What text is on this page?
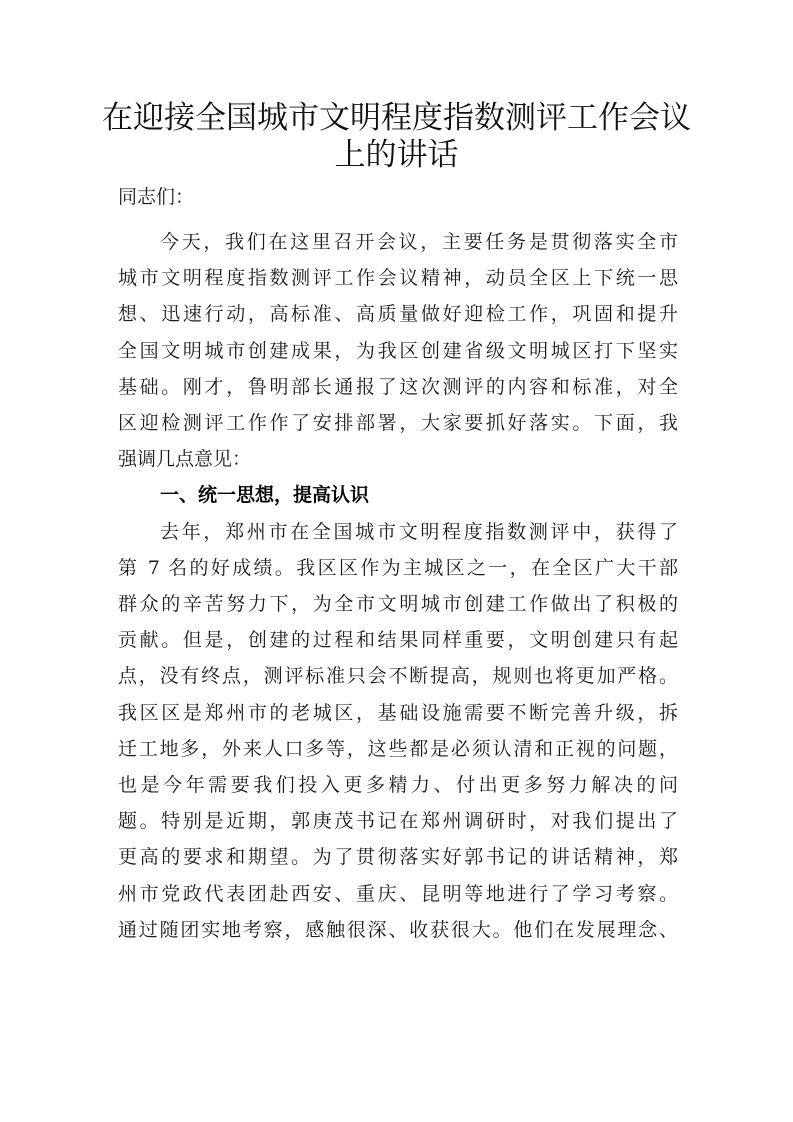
在迎接全国城市文明程度指数测评工作会议
上的讲话
同志们：
今天，我们在这里召开会议，主要任务是贯彻落实全市
城市文明程度指数测评工作会议精神，动员全区上下统一思
想、迅速行动，高标准、高质量做好迎检工作，巩固和提升
全国文明城市创建成果，为我区创建省级文明城区打下坚实
基础。刚才，鲁明部长通报了这次测评的内容和标准，对全
区迎检测评工作作了安排部署，大家要抓好落实。下面，我
强调几点意见：
一、统一思想，提高认识
去年，郑州市在全国城市文明程度指数测评中，获得了
第 7 名的好成绩。我区区作为主城区之一，在全区广大干部
群众的辛苦努力下，为全市文明城市创建工作做出了积极的
贡献。但是，创建的过程和结果同样重要，文明创建只有起
点，没有终点，测评标准只会不断提高，规则也将更加严格。
我区区是郑州市的老城区，基础设施需要不断完善升级，拆
迁工地多，外来人口多等，这些都是必须认清和正视的问题，
也是今年需要我们投入更多精力、付出更多努力解决的问
题。特别是近期，郭庚茂书记在郑州调研时，对我们提出了
更高的要求和期望。为了贯彻落实好郭书记的讲话精神，郑
州市党政代表团赴西安、重庆、昆明等地进行了学习考察。
通过随团实地考察，感触很深、收获很大。他们在发展理念、
